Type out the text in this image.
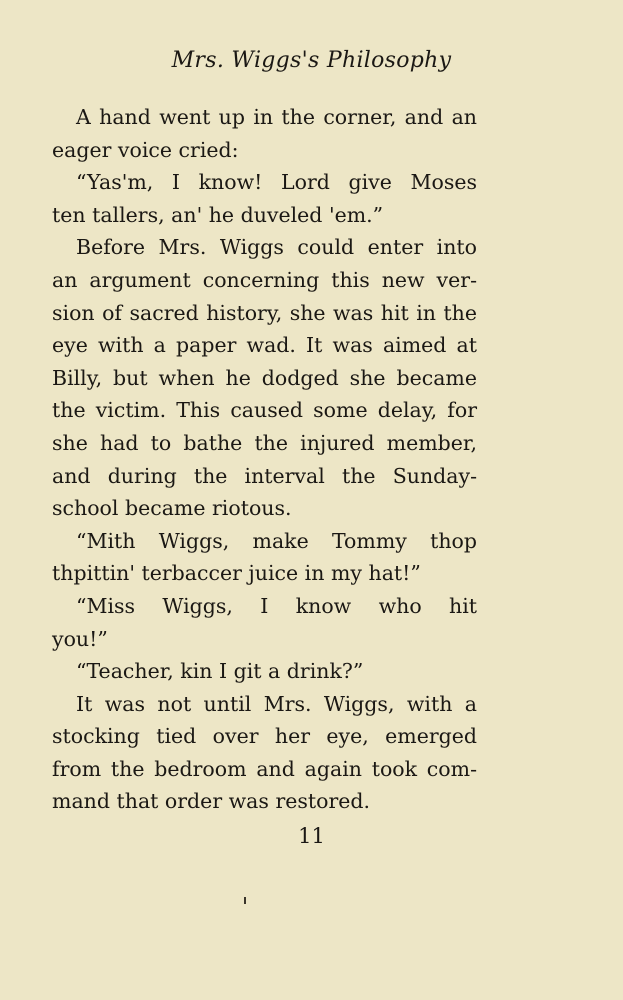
Mrs. Wiggs's Philosophy
A hand went up in the corner, and an
eager voice cried:
“Yas'm, I know! Lord give Moses
ten tallers, an' he duveled 'em.”
Before Mrs. Wiggs could enter into
an argument concerning this new ver-
sion of sacred history, she was hit in the
eye with a paper wad. It was aimed at
Billy, but when he dodged she became
the victim. This caused some delay, for
she had to bathe the injured member,
and during the interval the Sunday-
school became riotous.
“Mith Wiggs, make Tommy thop
thpittin' terbaccer juice in my hat!”
“Miss Wiggs, I know who hit
you!”
“Teacher, kin I git a drink?”
It was not until Mrs. Wiggs, with a
stocking tied over her eye, emerged
from the bedroom and again took com-
mand that order was restored.
11
